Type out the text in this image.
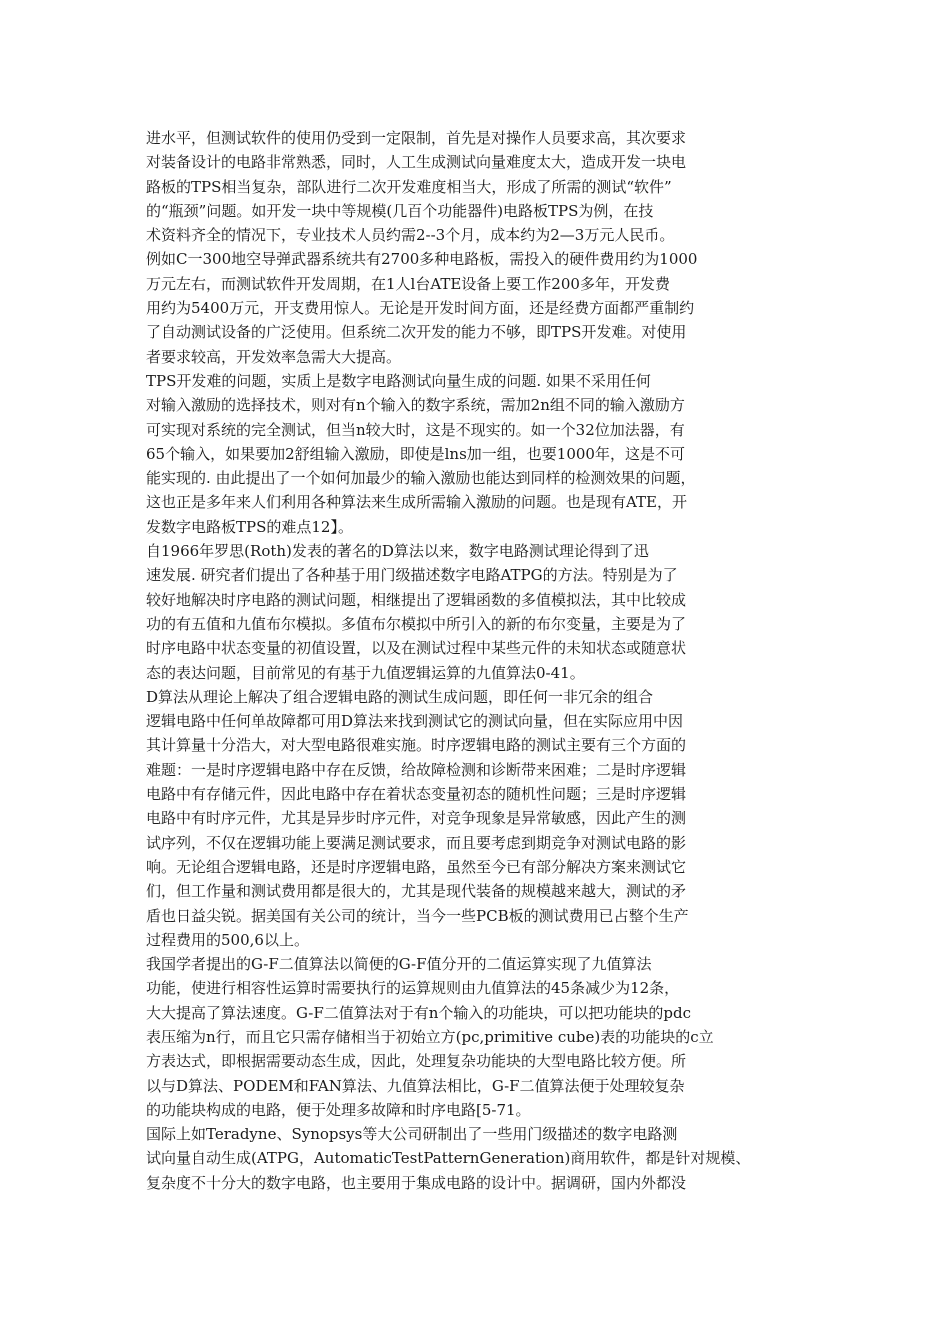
进水平，但测试软件的使用仍受到一定限制，首先是对操作人员要求高，其次要求
对装备设计的电路非常熟悉，同时，人工生成测试向量难度太大，造成开发一块电
路板的TPS相当复杂，部队进行二次开发难度相当大，形成了所需的测试“软件”
的“瓶颈”问题。如开发一块中等规模(几百个功能器件)电路板TPS为例，在技
术资料齐全的情况下，专业技术人员约需2--3个月，成本约为2—3万元人民币。
例如C一300地空导弹武器系统共有2700多种电路板，需投入的硬件费用约为1000
万元左右，而测试软件开发周期，在1人l台ATE设备上要工作200多年，开发费
用约为5400万元，开支费用惊人。无论是开发时间方面，还是经费方面都严重制约
了自动测试设备的广泛使用。但系统二次开发的能力不够，即TPS开发难。对使用
者要求较高，开发效率急需大大提高。
TPS开发难的问题，实质上是数字电路测试向量生成的问题. 如果不采用任何
对输入激励的选择技术，则对有n个输入的数字系统，需加2n组不同的输入激励方
可实现对系统的完全测试，但当n较大时，这是不现实的。如一个32位加法器，有
65个输入，如果要加2舒组输入激励，即使是lns加一组，也要1000年，这是不可
能实现的. 由此提出了一个如何加最少的输入激励也能达到同样的检测效果的问题，
这也正是多年来人们利用各种算法来生成所需输入激励的问题。也是现有ATE，开
发数字电路板TPS的难点12】。
自1966年罗思(Roth)发表的著名的D算法以来，数字电路测试理论得到了迅
速发展. 研究者们提出了各种基于用门级描述数字电路ATPG的方法。特别是为了
较好地解决时序电路的测试问题，相继提出了逻辑函数的多值模拟法，其中比较成
功的有五值和九值布尔模拟。多值布尔模拟中所引入的新的布尔变量，主要是为了
时序电路中状态变量的初值设置，以及在测试过程中某些元件的未知状态或随意状
态的表达问题，目前常见的有基于九值逻辑运算的九值算法0-41。
D算法从理论上解决了组合逻辑电路的测试生成问题，即任何一非冗余的组合
逻辑电路中任何单故障都可用D算法来找到测试它的测试向量，但在实际应用中因
其计算量十分浩大，对大型电路很难实施。时序逻辑电路的测试主要有三个方面的
难题：一是时序逻辑电路中存在反馈，给故障检测和诊断带来困难；二是时序逻辑
电路中有存储元件，因此电路中存在着状态变量初态的随机性问题；三是时序逻辑
电路中有时序元件，尤其是异步时序元件，对竞争现象是异常敏感，因此产生的测
试序列，不仅在逻辑功能上要满足测试要求，而且要考虑到期竞争对测试电路的影
响。无论组合逻辑电路，还是时序逻辑电路，虽然至今已有部分解决方案来测试它
们，但工作量和测试费用都是很大的，尤其是现代装备的规模越来越大，测试的矛
盾也日益尖锐。据美国有关公司的统计，当今一些PCB板的测试费用已占整个生产
过程费用的500,6以上。
我国学者提出的G-F二值算法以简便的G-F值分开的二值运算实现了九值算法
功能，使进行相容性运算时需要执行的运算规则由九值算法的45条减少为12条，
大大提高了算法速度。G-F二值算法对于有n个输入的功能块，可以把功能块的pdc
表压缩为n行，而且它只需存储相当于初始立方(pc,primitive cube)表的功能块的c立
方表达式，即根据需要动态生成，因此，处理复杂功能块的大型电路比较方便。所
以与D算法、PODEM和FAN算法、九值算法相比，G-F二值算法便于处理较复杂
的功能块构成的电路，便于处理多故障和时序电路[5-71。
国际上如Teradyne、Synopsys等大公司研制出了一些用门级描述的数字电路测
试向量自动生成(ATPG，AutomaticTestPatternGeneration)商用软件，都是针对规模、
复杂度不十分大的数字电路，也主要用于集成电路的设计中。据调研，国内外都没
